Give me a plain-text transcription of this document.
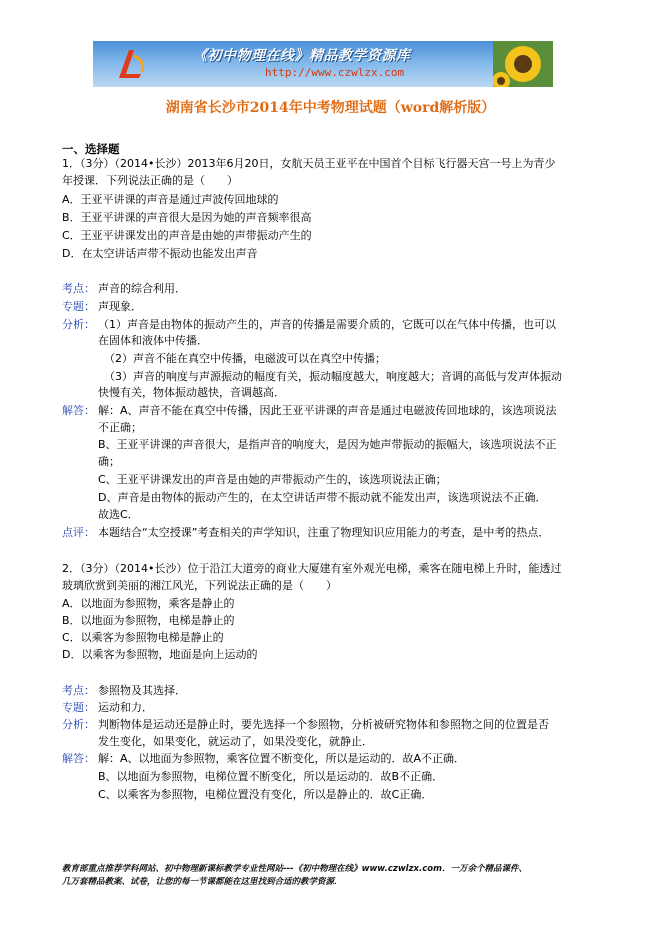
《初中物理在线》精品教学资源库
http://www.czwlzx.com
湖南省长沙市2014年中考物理试题（word解析版）
一、选择题
1．（3分）（2014•长沙）2013年6月20日，女航天员王亚平在中国首个目标飞行器天宫一号上为青少
年授课．下列说法正确的是（　　）
A．王亚平讲课的声音是通过声波传回地球的
B．王亚平讲课的声音很大是因为她的声音频率很高
C．王亚平讲课发出的声音是由她的声带振动产生的
D．在太空讲话声带不振动也能发出声音
考点： 声音的综合利用．
专题： 声现象．
分析： （1）声音是由物体的振动产生的，声音的传播是需要介质的，它既可以在气体中传播，也可以
在固体和液体中传播．
（2）声音不能在真空中传播，电磁波可以在真空中传播；
（3）声音的响度与声源振动的幅度有关，振动幅度越大，响度越大；音调的高低与发声体振动
快慢有关，物体振动越快，音调越高．
解答： 解：A、声音不能在真空中传播，因此王亚平讲课的声音是通过电磁波传回地球的，该选项说法
不正确；
B、王亚平讲课的声音很大，是指声音的响度大，是因为她声带振动的振幅大，该选项说法不正
确；
C、王亚平讲课发出的声音是由她的声带振动产生的，该选项说法正确；
D、声音是由物体的振动产生的，在太空讲话声带不振动就不能发出声，该选项说法不正确．
故选C．
点评： 本题结合“太空授课”考查相关的声学知识，注重了物理知识应用能力的考查，是中考的热点．
2．（3分）（2014•长沙）位于沿江大道旁的商业大厦建有室外观光电梯，乘客在随电梯上升时，能透过
玻璃欣赏到美丽的湘江风光，下列说法正确的是（　　）
A．以地面为参照物，乘客是静止的
B．以地面为参照物，电梯是静止的
C．以乘客为参照物电梯是静止的
D．以乘客为参照物，地面是向上运动的
考点： 参照物及其选择．
专题： 运动和力．
分析： 判断物体是运动还是静止时，要先选择一个参照物，分析被研究物体和参照物之间的位置是否
发生变化，如果变化，就运动了，如果没变化，就静止．
解答： 解：A、以地面为参照物，乘客位置不断变化，所以是运动的．故A不正确．
B、以地面为参照物，电梯位置不断变化，所以是运动的．故B不正确．
C、以乘客为参照物，电梯位置没有变化，所以是静止的．故C正确．
教育部重点推荐学科网站、初中物理新课标教学专业性网站---《初中物理在线》www.czwlzx.com．一万余个精品课件、
几万套精品教案、试卷，让您的每一节课都能在这里找到合适的教学资源．
